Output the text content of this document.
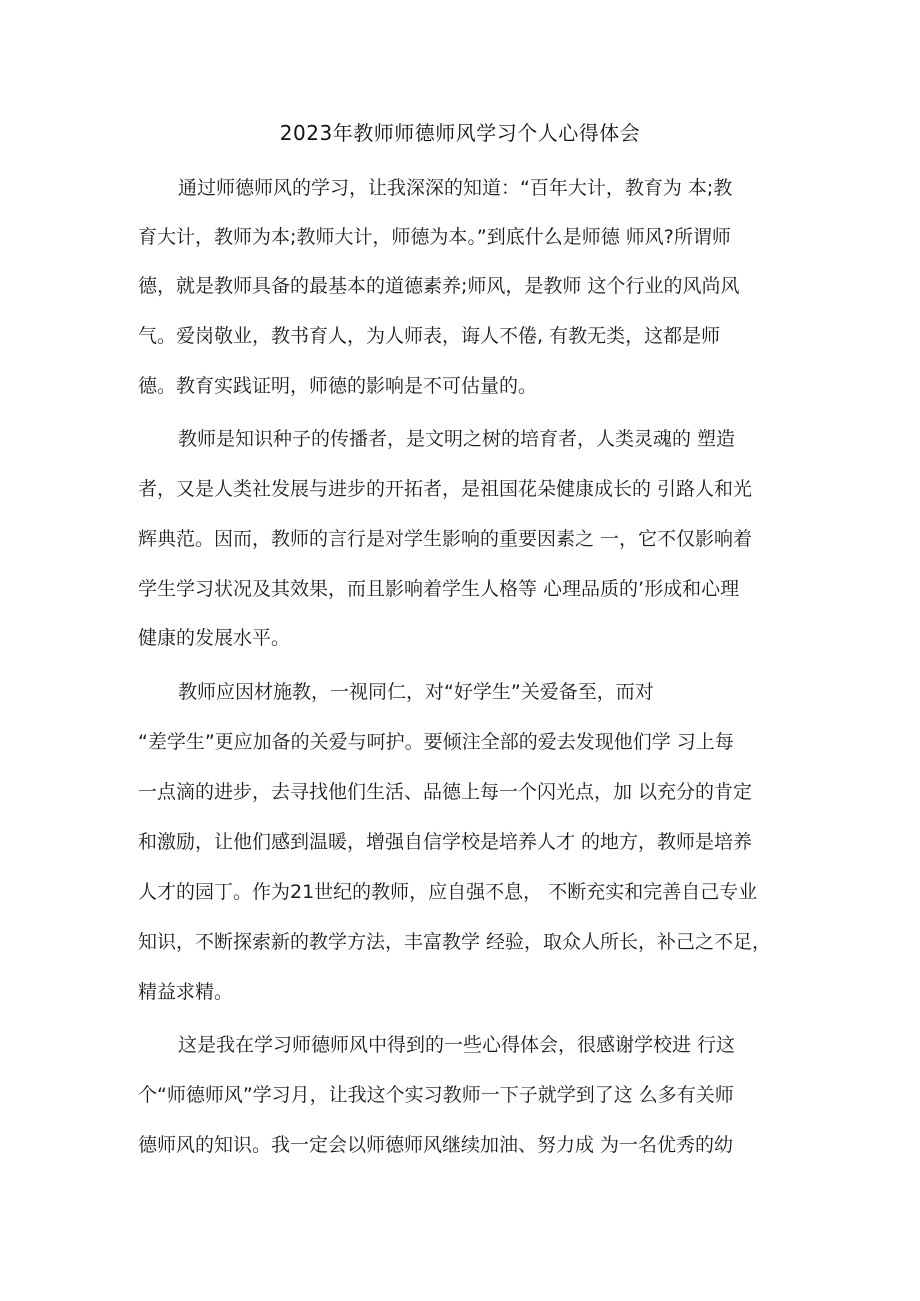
2023年教师师德师风学习个人心得体会
通过师德师风的学习，让我深深的知道：“百年大计，教育为 本;教
育大计，教师为本;教师大计，师德为本。”到底什么是师德 师风?所谓师
德，就是教师具备的最基本的道德素养;师风，是教师 这个行业的风尚风
气。爱岗敬业，教书育人，为人师表，诲人不倦, 有教无类，这都是师
德。教育实践证明，师德的影响是不可估量的。
教师是知识种子的传播者，是文明之树的培育者，人类灵魂的 塑造
者，又是人类社发展与进步的开拓者，是祖国花朵健康成长的 引路人和光
辉典范。因而，教师的言行是对学生影响的重要因素之 一，它不仅影响着
学生学习状况及其效果，而且影响着学生人格等 心理品质的’形成和心理
健康的发展水平。
教师应因材施教，一视同仁，对“好学生”关爱备至，而对
“差学生”更应加备的关爱与呵护。要倾注全部的爱去发现他们学 习上每
一点滴的进步，去寻找他们生活、品德上每一个闪光点，加 以充分的肯定
和激励，让他们感到温暖，增强自信学校是培养人才 的地方，教师是培养
人才的园丁。作为21世纪的教师，应自强不息， 不断充实和完善自己专业
知识，不断探索新的教学方法，丰富教学 经验，取众人所长，补己之不足，
精益求精。
这是我在学习师德师风中得到的一些心得体会，很感谢学校进 行这
个“师德师风”学习月，让我这个实习教师一下子就学到了这 么多有关师
德师风的知识。我一定会以师德师风继续加油、努力成 为一名优秀的幼
